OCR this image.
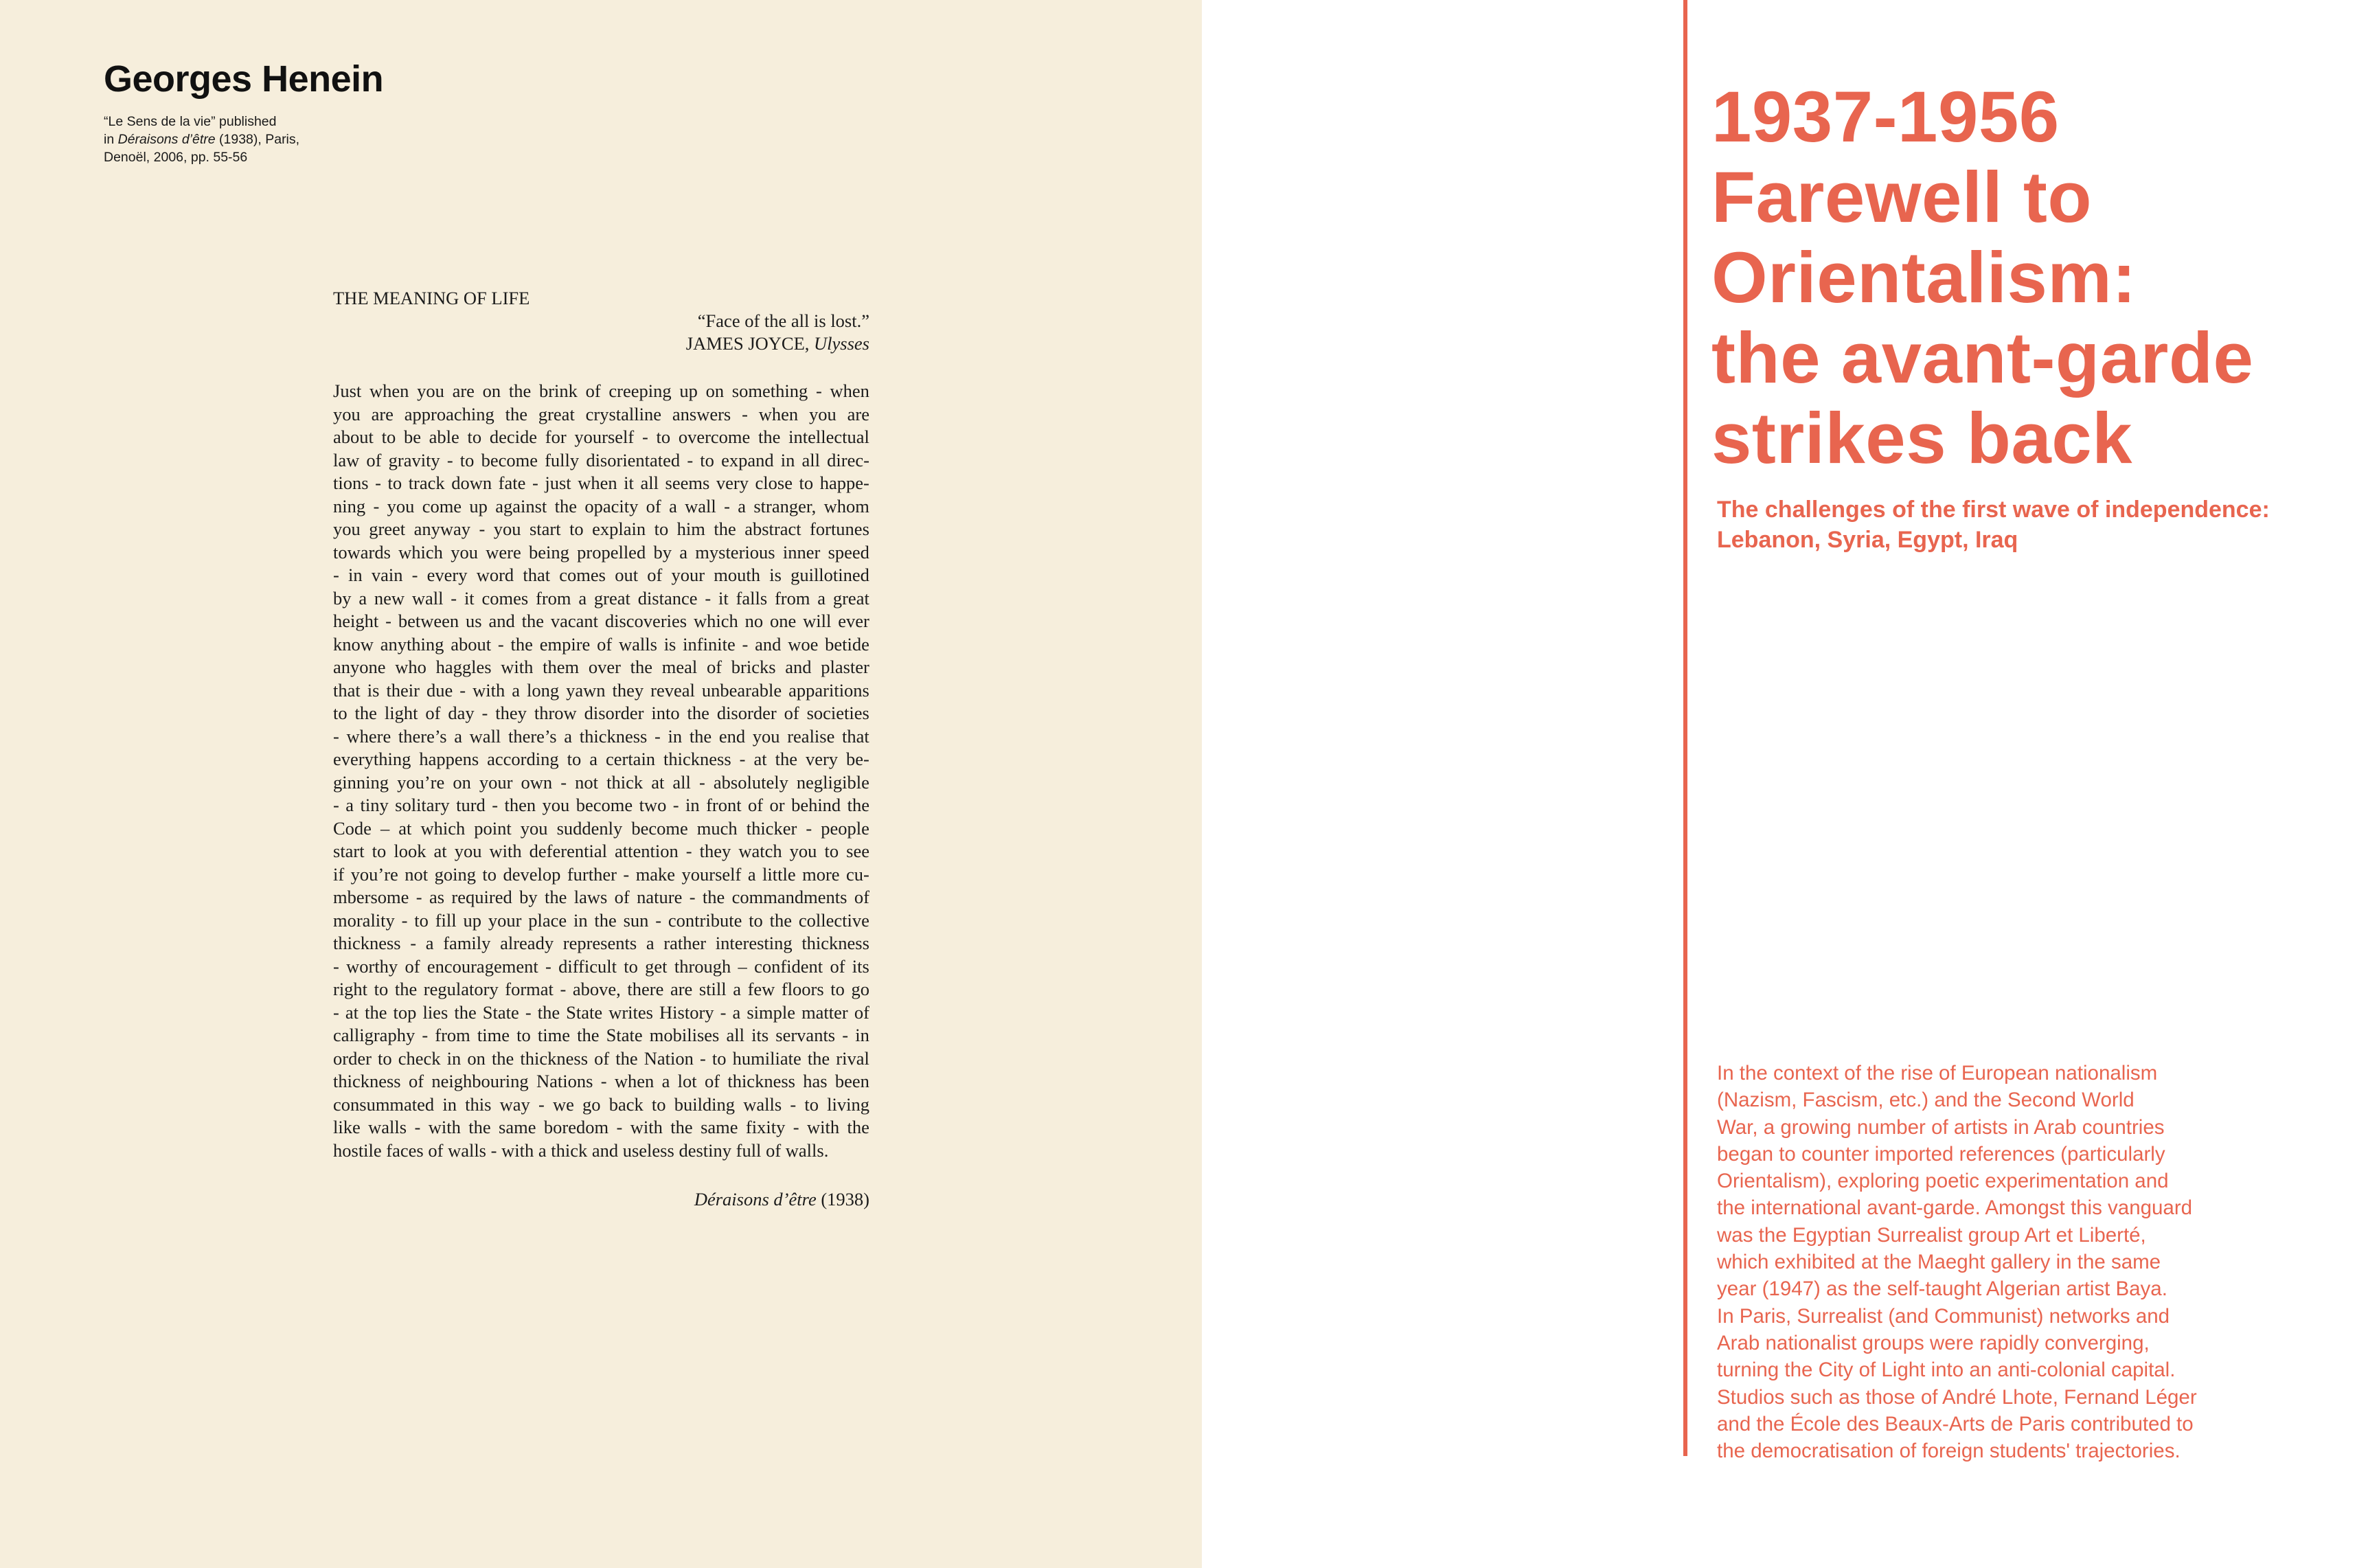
Georges Henein
“Le Sens de la vie” published
in Déraisons d’être (1938), Paris,
Denoël, 2006, pp. 55-56
THE MEANING OF LIFE
“Face of the all is lost.”
JAMES JOYCE, Ulysses
Just when you are on the brink of creeping up on something - when
you are approaching the great crystalline answers - when you are
about to be able to decide for yourself - to overcome the intellectual
law of gravity - to become fully disorientated - to expand in all direc-
tions - to track down fate - just when it all seems very close to happe-
ning - you come up against the opacity of a wall - a stranger, whom
you greet anyway - you start to explain to him the abstract fortunes
towards which you were being propelled by a mysterious inner speed
- in vain - every word that comes out of your mouth is guillotined
by a new wall - it comes from a great distance - it falls from a great
height - between us and the vacant discoveries which no one will ever
know anything about - the empire of walls is infinite - and woe betide
anyone who haggles with them over the meal of bricks and plaster
that is their due - with a long yawn they reveal unbearable apparitions
to the light of day - they throw disorder into the disorder of societies
- where there’s a wall there’s a thickness - in the end you realise that
everything happens according to a certain thickness - at the very be-
ginning you’re on your own - not thick at all - absolutely negligible
- a tiny solitary turd - then you become two - in front of or behind the
Code – at which point you suddenly become much thicker - people
start to look at you with deferential attention - they watch you to see
if you’re not going to develop further - make yourself a little more cu-
mbersome - as required by the laws of nature - the commandments of
morality - to fill up your place in the sun - contribute to the collective
thickness - a family already represents a rather interesting thickness
- worthy of encouragement - difficult to get through – confident of its
right to the regulatory format - above, there are still a few floors to go
- at the top lies the State - the State writes History - a simple matter of
calligraphy - from time to time the State mobilises all its servants - in
order to check in on the thickness of the Nation - to humiliate the rival
thickness of neighbouring Nations - when a lot of thickness has been
consummated in this way - we go back to building walls - to living
like walls - with the same boredom - with the same fixity - with the
hostile
faces
of
walls
-
with
a
thick
and
useless
destiny
full
of
walls.
Déraisons d’être (1938)
1937-1956
Farewell to
Orientalism:
the avant-garde
strikes back
The challenges of the first wave of independence:
Lebanon, Syria, Egypt, Iraq
In the context of the rise of European nationalism
(Nazism, Fascism, etc.) and the Second World
War, a growing number of artists in Arab countries
began to counter imported references (particularly
Orientalism), exploring poetic experimentation and
the international avant-garde. Amongst this vanguard
was the Egyptian Surrealist group Art et Liberté,
which exhibited at the Maeght gallery in the same
year (1947) as the self-taught Algerian artist Baya.
In Paris, Surrealist (and Communist) networks and
Arab nationalist groups were rapidly converging,
turning the City of Light into an anti-colonial capital.
Studios such as those of André Lhote, Fernand Léger
and the École des Beaux-Arts de Paris contributed to
the democratisation of foreign students' trajectories.
